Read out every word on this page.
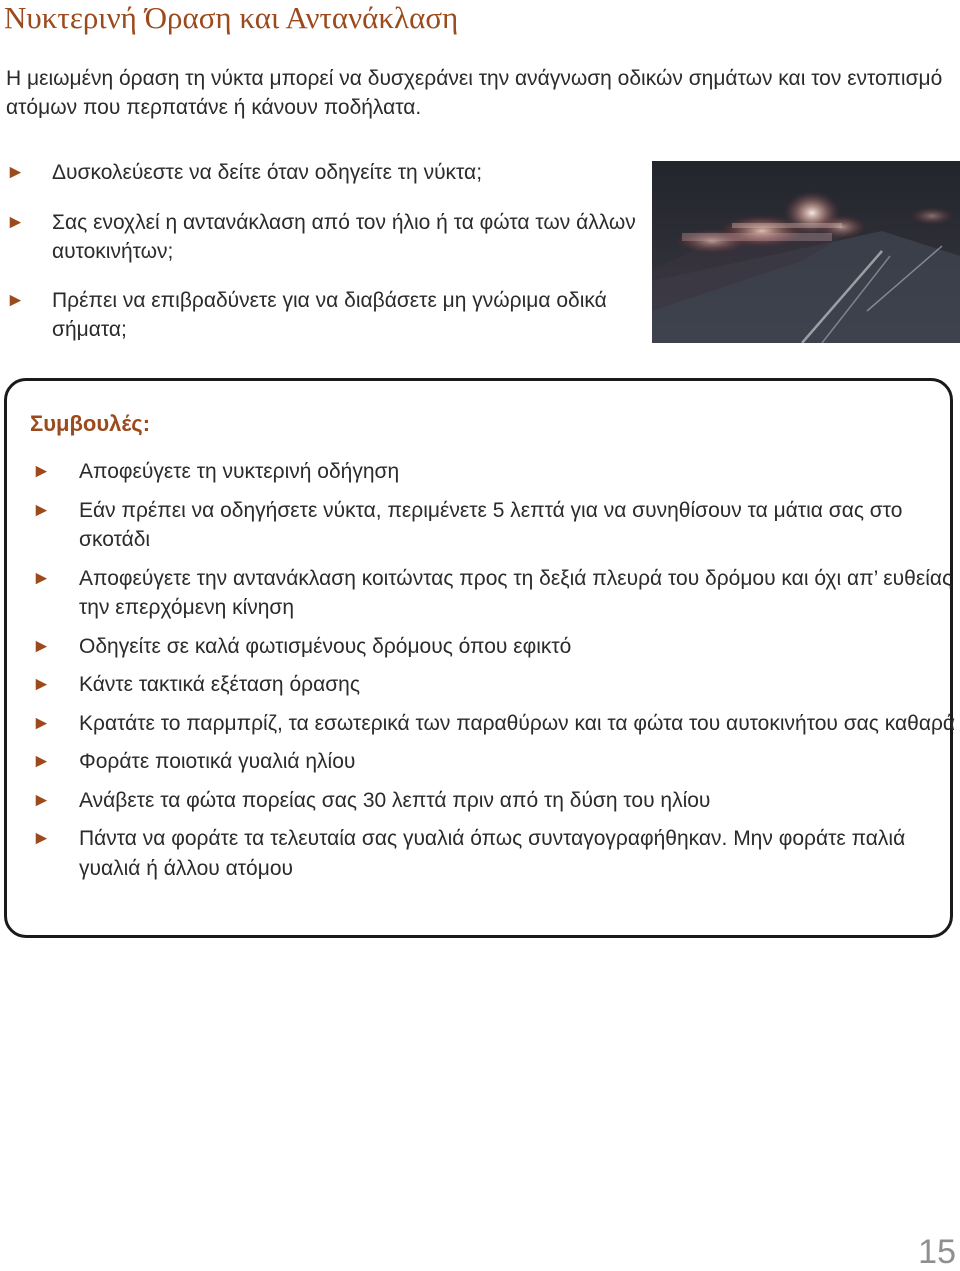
Νυκτερινή Όραση και Αντανάκλαση
Η μειωμένη όραση τη νύκτα μπορεί να δυσχεράνει την ανάγνωση οδικών σημάτων και τον εντοπισμό ατόμων που περπατάνε ή κάνουν ποδήλατα.
► Δυσκολεύεστε να δείτε όταν οδηγείτε τη νύκτα;
► Σας ενοχλεί η αντανάκλαση από τον ήλιο ή τα φώτα των άλλων αυτοκινήτων;
► Πρέπει να επιβραδύνετε για να διαβάσετε μη γνώριμα οδικά σήματα;
Συμβουλές:
► Αποφεύγετε τη νυκτερινή οδήγηση
► Εάν πρέπει να οδηγήσετε νύκτα, περιμένετε 5 λεπτά για να συνηθίσουν τα μάτια σας στο σκοτάδι
► Αποφεύγετε την αντανάκλαση κοιτώντας προς τη δεξιά πλευρά του δρόμου και όχι απ’ ευθείας την επερχόμενη κίνηση
► Οδηγείτε σε καλά φωτισμένους δρόμους όπου εφικτό
► Κάντε τακτικά εξέταση όρασης
► Κρατάτε το παρμπρίζ, τα εσωτερικά των παραθύρων και τα φώτα του αυτοκινήτου σας καθαρά
► Φοράτε ποιοτικά γυαλιά ηλίου
► Ανάβετε τα φώτα πορείας σας 30 λεπτά πριν από τη δύση του ηλίου
► Πάντα να φοράτε τα τελευταία σας γυαλιά όπως συνταγογραφήθηκαν. Μην φοράτε παλιά γυαλιά ή άλλου ατόμου
15
